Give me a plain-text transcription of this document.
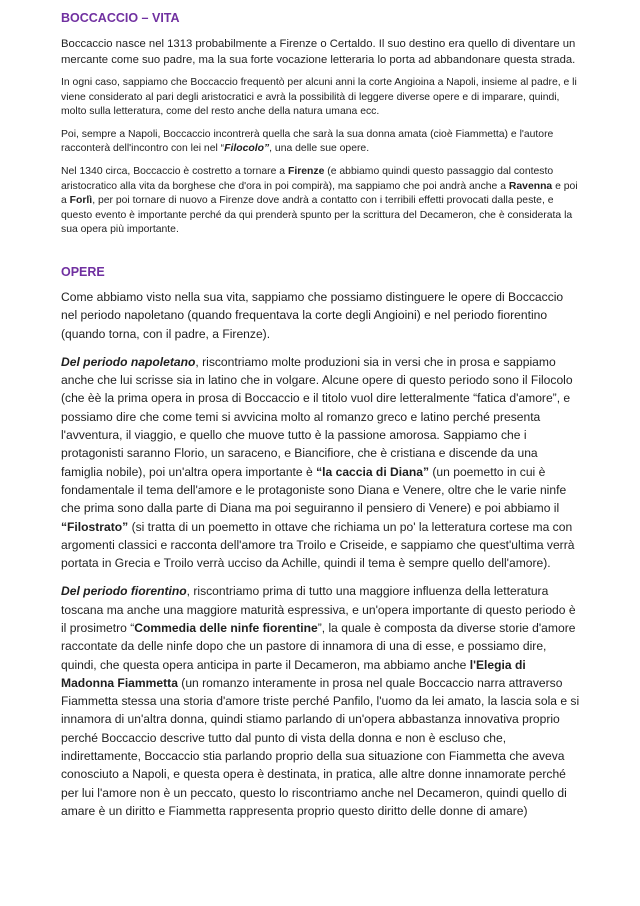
BOCCACCIO – VITA

Boccaccio nasce nel 1313 probabilmente a Firenze o Certaldo. Il suo destino era quello di diventare un mercante come suo padre, ma la sua forte vocazione letteraria lo porta ad abbandonare questa strada.

In ogni caso, sappiamo che Boccaccio frequentò per alcuni anni la corte Angioina a Napoli, insieme al padre, e li viene considerato al pari degli aristocratici e avrà la possibilità di leggere diverse opere e di imparare, quindi, molto sulla letteratura, come del resto anche della natura umana ecc.

Poi, sempre a Napoli, Boccaccio incontrerà quella che sarà la sua donna amata (cioè Fiammetta) e l'autore racconterà dell'incontro con lei nel “Filocolo”, una delle sue opere.

Nel 1340 circa, Boccaccio è costretto a tornare a Firenze (e abbiamo quindi questo passaggio dal contesto aristocratico alla vita da borghese che d'ora in poi compirà), ma sappiamo che poi andrà anche a Ravenna e poi a Forlì, per poi tornare di nuovo a Firenze dove andrà a contatto con i terribili effetti provocati dalla peste, e questo evento è importante perché da qui prenderà spunto per la scrittura del Decameron, che è considerata la sua opera più importante.

OPERE

Come abbiamo visto nella sua vita, sappiamo che possiamo distinguere le opere di Boccaccio nel periodo napoletano (quando frequentava la corte degli Angioini) e nel periodo fiorentino (quando torna, con il padre, a Firenze).

Del periodo napoletano, riscontriamo molte produzioni sia in versi che in prosa e sappiamo anche che lui scrisse sia in latino che in volgare. Alcune opere di questo periodo sono il Filocolo (che èè la prima opera in prosa di Boccaccio e il titolo vuol dire letteralmente “fatica d'amore”, e possiamo dire che come temi si avvicina molto al romanzo greco e latino perché presenta l'avventura, il viaggio, e quello che muove tutto è la passione amorosa. Sappiamo che i protagonisti saranno Florio, un saraceno, e Biancifiore, che è cristiana e discende da una famiglia nobile), poi un'altra opera importante è “la caccia di Diana” (un poemetto in cui è fondamentale il tema dell'amore e le protagoniste sono Diana e Venere, oltre che le varie ninfe che prima sono dalla parte di Diana ma poi seguiranno il pensiero di Venere) e poi abbiamo il “Filostrato” (si tratta di un poemetto in ottave che richiama un po' la letteratura cortese ma con argomenti classici e racconta dell'amore tra Troilo e Criseide, e sappiamo che quest'ultima verrà portata in Grecia e Troilo verrà ucciso da Achille, quindi il tema è sempre quello dell'amore).

Del periodo fiorentino, riscontriamo prima di tutto una maggiore influenza della letteratura toscana ma anche una maggiore maturità espressiva, e un'opera importante di questo periodo è il prosimetro “Commedia delle ninfe fiorentine”, la quale è composta da diverse storie d'amore raccontate da delle ninfe dopo che un pastore di innamora di una di esse, e possiamo dire, quindi, che questa opera anticipa in parte il Decameron, ma abbiamo anche l'Elegia di Madonna Fiammetta (un romanzo interamente in prosa nel quale Boccaccio narra attraverso Fiammetta stessa una storia d'amore triste perché Panfilo, l'uomo da lei amato, la lascia sola e si innamora di un'altra donna, quindi stiamo parlando di un'opera abbastanza innovativa proprio perché Boccaccio descrive tutto dal punto di vista della donna e non è escluso che, indirettamente, Boccaccio stia parlando proprio della sua situazione con Fiammetta che aveva conosciuto a Napoli, e questa opera è destinata, in pratica, alle altre donne innamorate perché per lui l'amore non è un peccato, questo lo riscontriamo anche nel Decameron, quindi quello di amare è un diritto e Fiammetta rappresenta proprio questo diritto delle donne di amare)
